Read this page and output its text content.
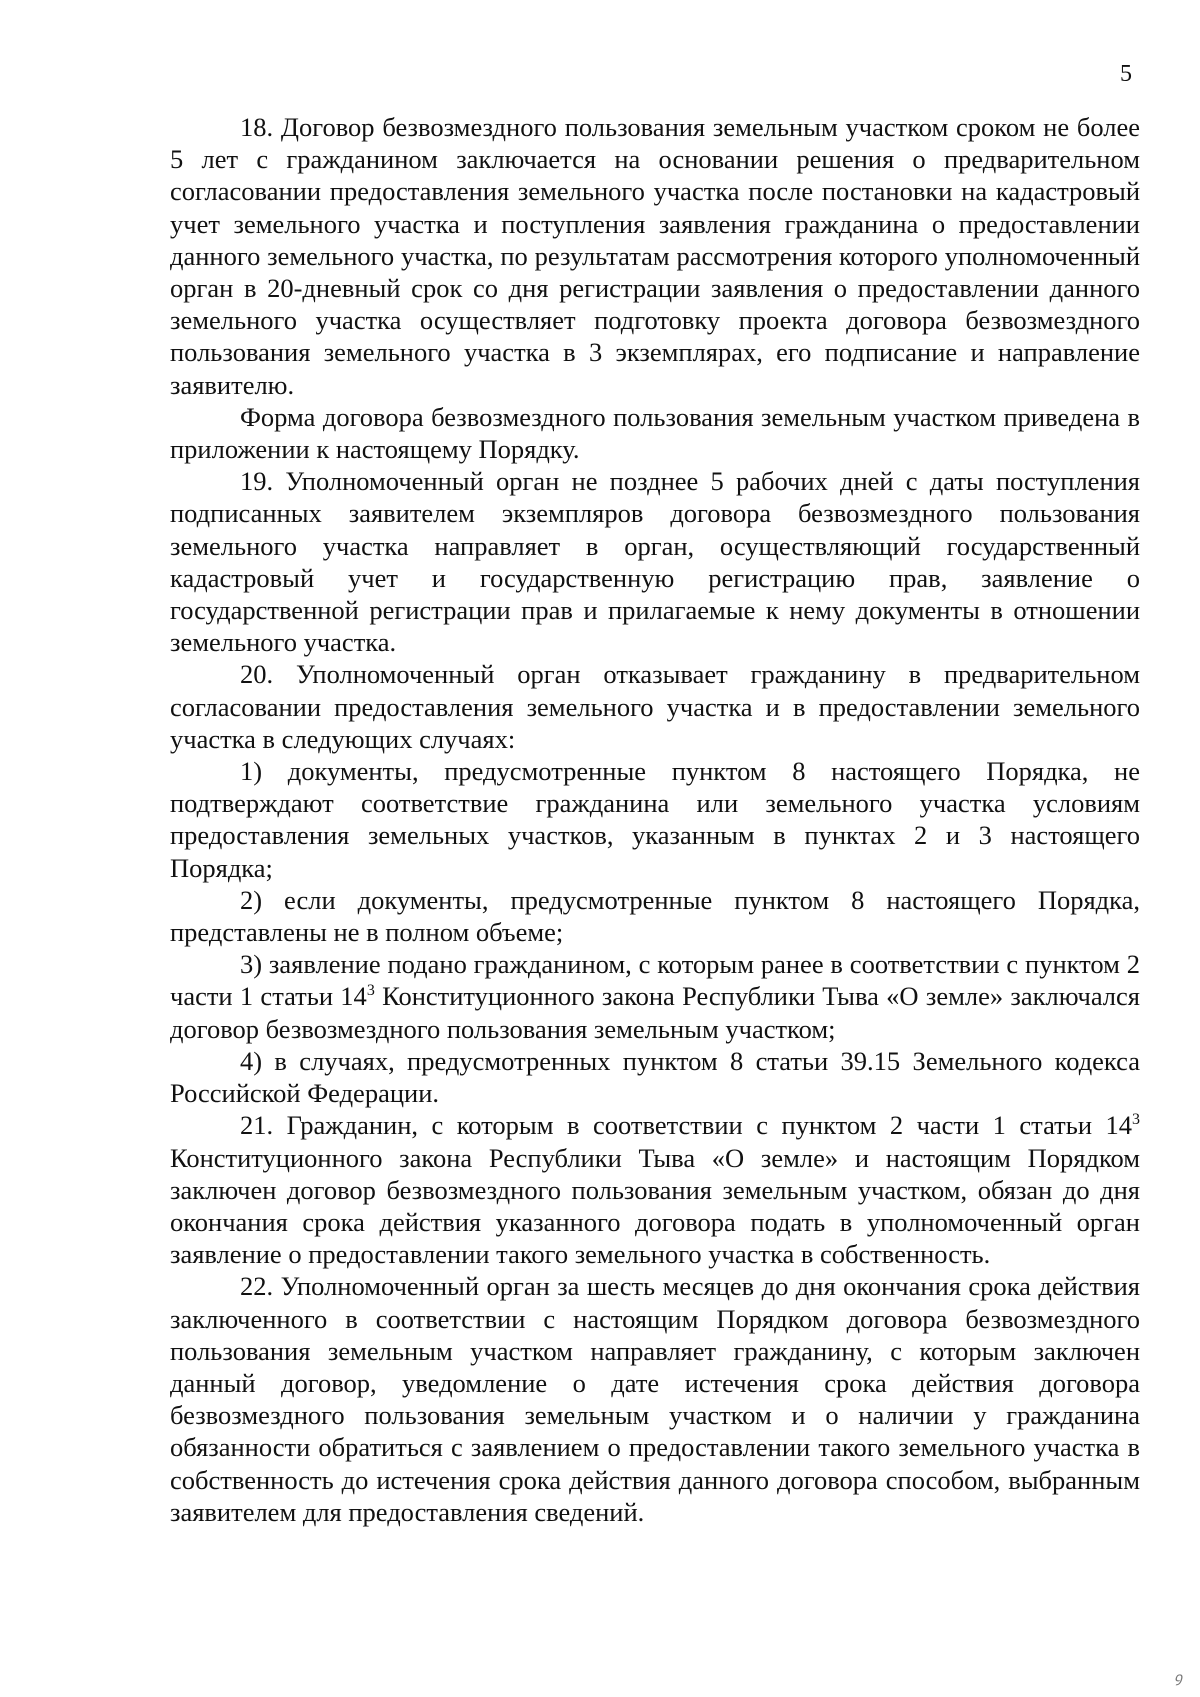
5

18. Договор безвозмездного пользования земельным участком сроком не более 5 лет с гражданином заключается на основании решения о предварительном согласовании предоставления земельного участка после постановки на кадастровый учет земельного участка и поступления заявления гражданина о предоставлении данного земельного участка, по результатам рассмотрения которого уполномоченный орган в 20-дневный срок со дня регистрации заявления о предоставлении данного земельного участка осуществляет подготовку проекта договора безвозмездного пользования земельного участка в 3 экземплярах, его подписание и направление заявителю.

Форма договора безвозмездного пользования земельным участком приведена в приложении к настоящему Порядку.

19. Уполномоченный орган не позднее 5 рабочих дней с даты поступления подписанных заявителем экземпляров договора безвозмездного пользования земельного участка направляет в орган, осуществляющий государственный кадастровый учет и государственную регистрацию прав, заявление о государственной регистрации прав и прилагаемые к нему документы в отношении земельного участка.

20. Уполномоченный орган отказывает гражданину в предварительном согласовании предоставления земельного участка и в предоставлении земельного участка в следующих случаях:

1) документы, предусмотренные пунктом 8 настоящего Порядка, не подтверждают соответствие гражданина или земельного участка условиям предоставления земельных участков, указанным в пунктах 2 и 3 настоящего Порядка;

2) если документы, предусмотренные пунктом 8 настоящего Порядка, представлены не в полном объеме;

3) заявление подано гражданином, с которым ранее в соответствии с пунктом 2 части 1 статьи $14^3$ Конституционного закона Республики Тыва «О земле» заключался договор безвозмездного пользования земельным участком;

4) в случаях, предусмотренных пунктом 8 статьи 39.15 Земельного кодекса Российской Федерации.

21. Гражданин, с которым в соответствии с пунктом 2 части 1 статьи $14^3$ Конституционного закона Республики Тыва «О земле» и настоящим Порядком заключен договор безвозмездного пользования земельным участком, обязан до дня окончания срока действия указанного договора подать в уполномоченный орган заявление о предоставлении такого земельного участка в собственность.

22. Уполномоченный орган за шесть месяцев до дня окончания срока действия заключенного в соответствии с настоящим Порядком договора безвозмездного пользования земельным участком направляет гражданину, с которым заключен данный договор, уведомление о дате истечения срока действия договора безвозмездного пользования земельным участком и о наличии у гражданина обязанности обратиться с заявлением о предоставлении такого земельного участка в собственность до истечения срока действия данного договора способом, выбранным заявителем для предоставления сведений.

ꝯ
